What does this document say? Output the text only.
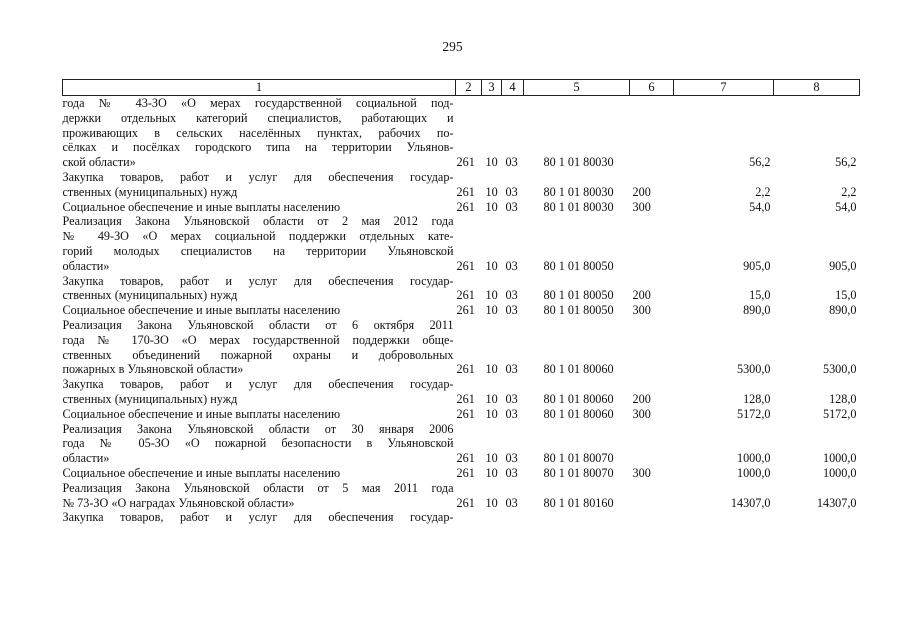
295
1	2	3	4	5	6	7	8

года № 43-ЗО «О мерах государственной социальной под-
держки отдельных категорий специалистов, работающих и
проживающих в сельских населённых пунктах, рабочих по-
сёлках и посёлках городского типа на территории Ульянов-
ской области»	261	10	03	80 1 01 80030		56,2	56,2

Закупка товаров, работ и услуг для обеспечения государ-
ственных (муниципальных) нужд	261	10	03	80 1 01 80030	200	2,2	2,2

Социальное обеспечение и иные выплаты населению	261	10	03	80 1 01 80030	300	54,0	54,0

Реализация Закона Ульяновской области от 2 мая 2012 года
№ 49-ЗО «О мерах социальной поддержки отдельных кате-
горий молодых специалистов на территории Ульяновской
области»	261	10	03	80 1 01 80050		905,0	905,0

Закупка товаров, работ и услуг для обеспечения государ-
ственных (муниципальных) нужд	261	10	03	80 1 01 80050	200	15,0	15,0

Социальное обеспечение и иные выплаты населению	261	10	03	80 1 01 80050	300	890,0	890,0

Реализация Закона Ульяновской области от 6 октября 2011
года № 170-ЗО «О мерах государственной поддержки обще-
ственных объединений пожарной охраны и добровольных
пожарных в Ульяновской области»	261	10	03	80 1 01 80060		5300,0	5300,0

Закупка товаров, работ и услуг для обеспечения государ-
ственных (муниципальных) нужд	261	10	03	80 1 01 80060	200	128,0	128,0

Социальное обеспечение и иные выплаты населению	261	10	03	80 1 01 80060	300	5172,0	5172,0

Реализация Закона Ульяновской области от 30 января 2006
года № 05-ЗО «О пожарной безопасности в Ульяновской
области»	261	10	03	80 1 01 80070		1000,0	1000,0

Социальное обеспечение и иные выплаты населению	261	10	03	80 1 01 80070	300	1000,0	1000,0

Реализация Закона Ульяновской области от 5 мая 2011 года
№ 73-ЗО «О наградах Ульяновской области»	261	10	03	80 1 01 80160		14307,0	14307,0

Закупка товаров, работ и услуг для обеспечения государ-							
